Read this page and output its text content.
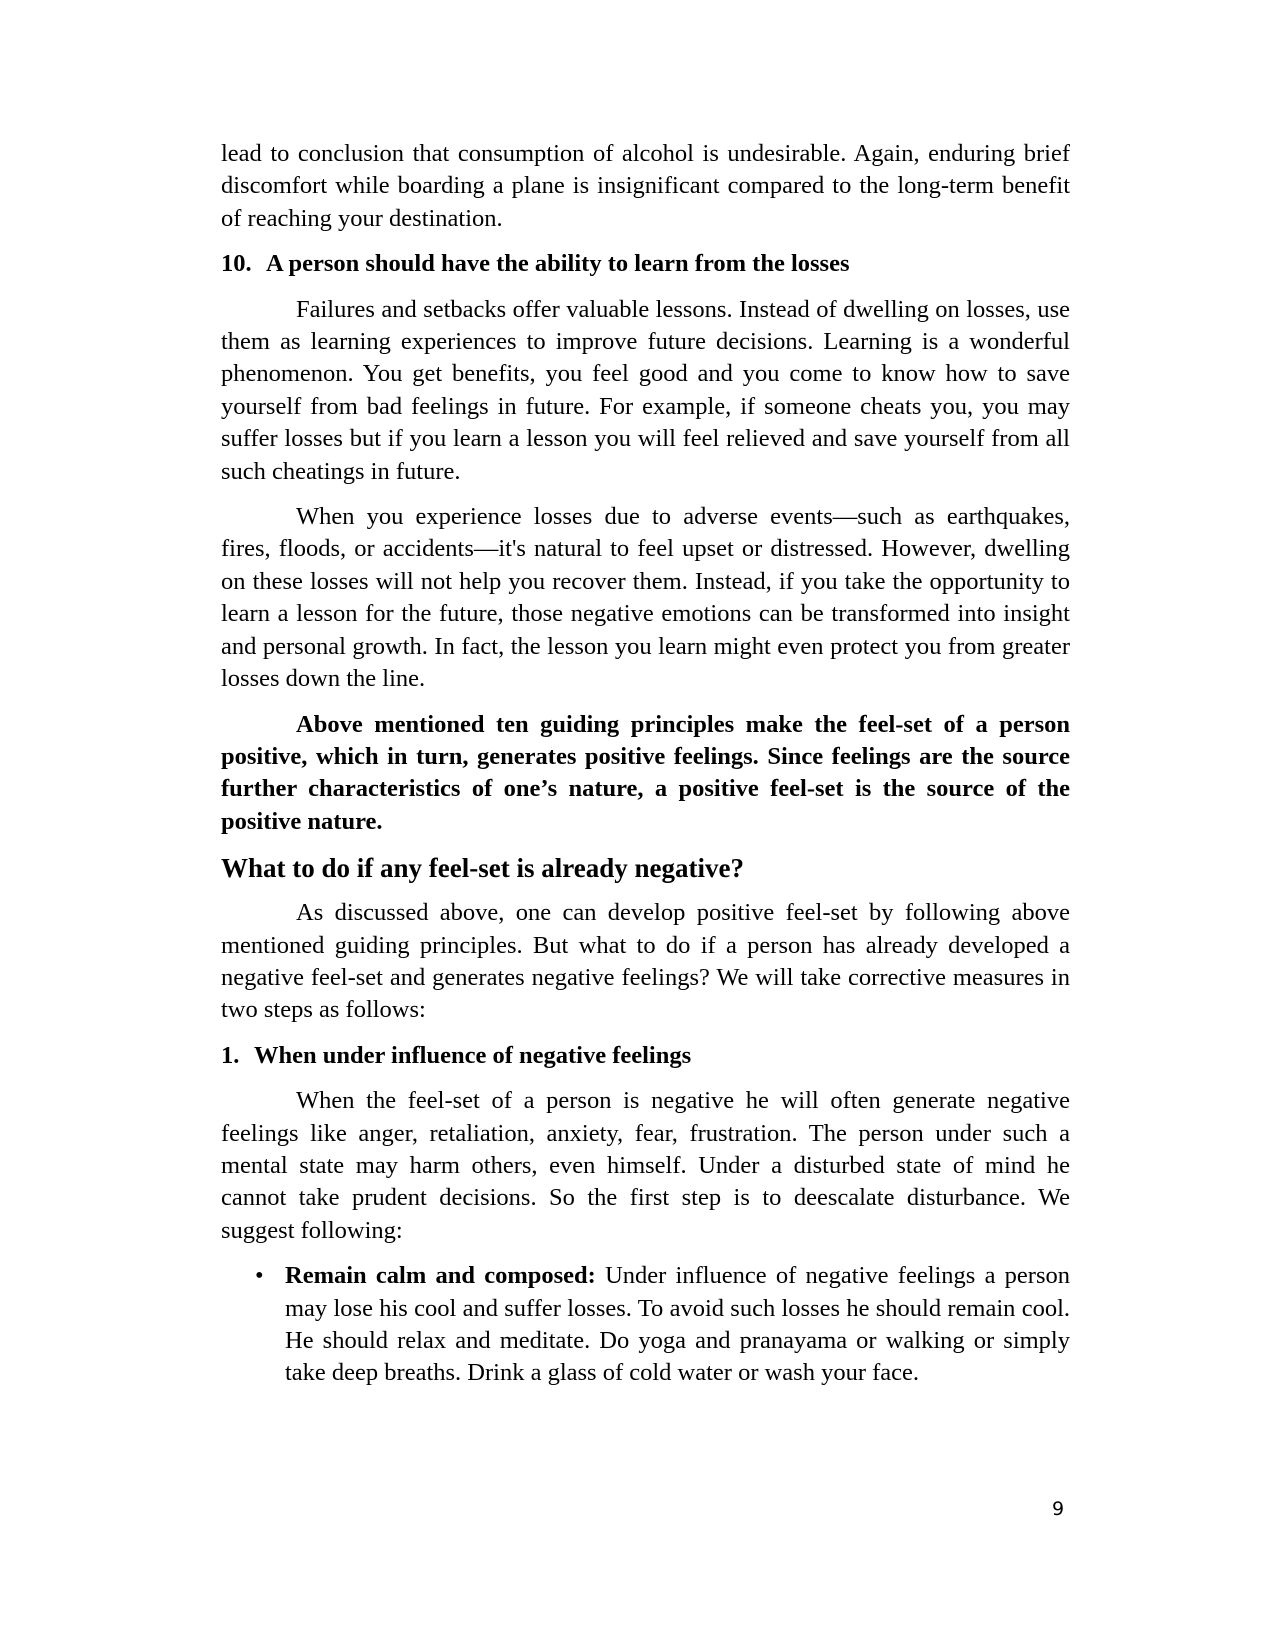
lead to conclusion that consumption of alcohol is undesirable. Again, enduring brief discomfort while boarding a plane is insignificant compared to the long-term benefit of reaching your destination.

10. A person should have the ability to learn from the losses

Failures and setbacks offer valuable lessons. Instead of dwelling on losses, use them as learning experiences to improve future decisions. Learning is a wonderful phenomenon. You get benefits, you feel good and you come to know how to save yourself from bad feelings in future. For example, if someone cheats you, you may suffer losses but if you learn a lesson you will feel relieved and save yourself from all such cheatings in future.

When you experience losses due to adverse events—such as earthquakes, fires, floods, or accidents—it's natural to feel upset or distressed. However, dwelling on these losses will not help you recover them. Instead, if you take the opportunity to learn a lesson for the future, those negative emotions can be transformed into insight and personal growth. In fact, the lesson you learn might even protect you from greater losses down the line.

Above mentioned ten guiding principles make the feel-set of a person positive, which in turn, generates positive feelings. Since feelings are the source further characteristics of one’s nature, a positive feel-set is the source of the positive nature.

What to do if any feel-set is already negative?

As discussed above, one can develop positive feel-set by following above mentioned guiding principles. But what to do if a person has already developed a negative feel-set and generates negative feelings? We will take corrective measures in two steps as follows:

1. When under influence of negative feelings

When the feel-set of a person is negative he will often generate negative feelings like anger, retaliation, anxiety, fear, frustration. The person under such a mental state may harm others, even himself. Under a disturbed state of mind he cannot take prudent decisions. So the first step is to deescalate disturbance. We suggest following:

• Remain calm and composed: Under influence of negative feelings a person may lose his cool and suffer losses. To avoid such losses he should remain cool. He should relax and meditate. Do yoga and pranayama or walking or simply take deep breaths. Drink a glass of cold water or wash your face.
9
